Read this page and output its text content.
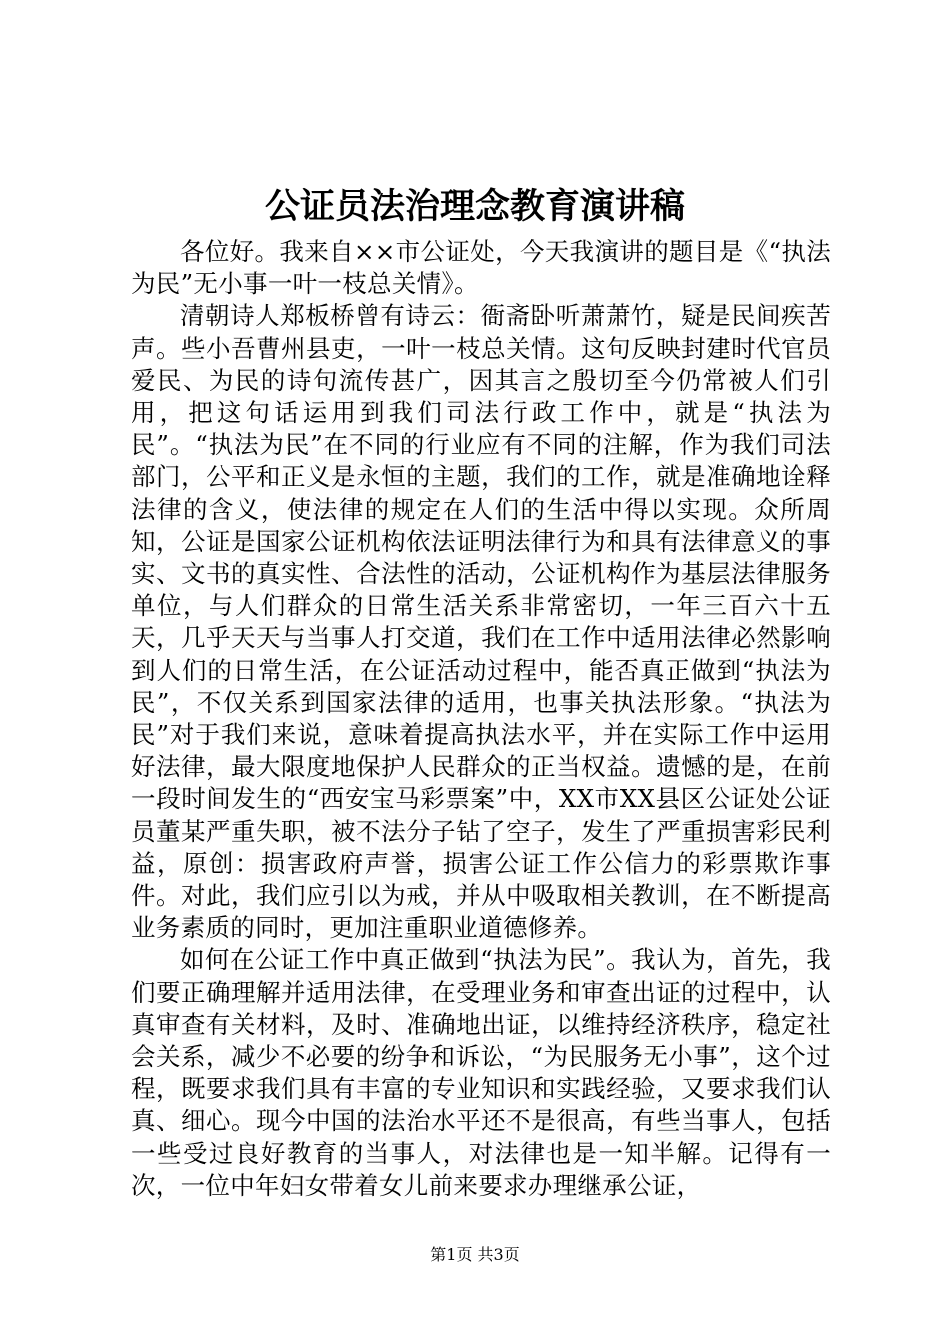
公证员法治理念教育演讲稿

各位好。我来自××市公证处，今天我演讲的题目是《“执法为民”无小事一叶一枝总关情》。

清朝诗人郑板桥曾有诗云：衙斋卧听萧萧竹，疑是民间疾苦声。些小吾曹州县吏，一叶一枝总关情。这句反映封建时代官员爱民、为民的诗句流传甚广，因其言之殷切至今仍常被人们引用，把这句话运用到我们司法行政工作中，就是“执法为民”。“执法为民”在不同的行业应有不同的注解，作为我们司法部门，公平和正义是永恒的主题，我们的工作，就是准确地诠释法律的含义，使法律的规定在人们的生活中得以实现。众所周知，公证是国家公证机构依法证明法律行为和具有法律意义的事实、文书的真实性、合法性的活动，公证机构作为基层法律服务单位，与人们群众的日常生活关系非常密切，一年三百六十五天，几乎天天与当事人打交道，我们在工作中适用法律必然影响到人们的日常生活，在公证活动过程中，能否真正做到“执法为民”，不仅关系到国家法律的适用，也事关执法形象。“执法为民”对于我们来说，意味着提高执法水平，并在实际工作中运用好法律，最大限度地保护人民群众的正当权益。遗憾的是，在前一段时间发生的“西安宝马彩票案”中，XX市XX县区公证处公证员董某严重失职，被不法分子钻了空子，发生了严重损害彩民利益，原创：损害政府声誉，损害公证工作公信力的彩票欺诈事件。对此，我们应引以为戒，并从中吸取相关教训，在不断提高业务素质的同时，更加注重职业道德修养。

如何在公证工作中真正做到“执法为民”。我认为，首先，我们要正确理解并适用法律，在受理业务和审查出证的过程中，认真审查有关材料，及时、准确地出证，以维持经济秩序，稳定社会关系，减少不必要的纷争和诉讼，“为民服务无小事”，这个过程，既要求我们具有丰富的专业知识和实践经验，又要求我们认真、细心。现今中国的法治水平还不是很高，有些当事人，包括一些受过良好教育的当事人，对法律也是一知半解。记得有一次，一位中年妇女带着女儿前来要求办理继承公证，

第1页 共3页
